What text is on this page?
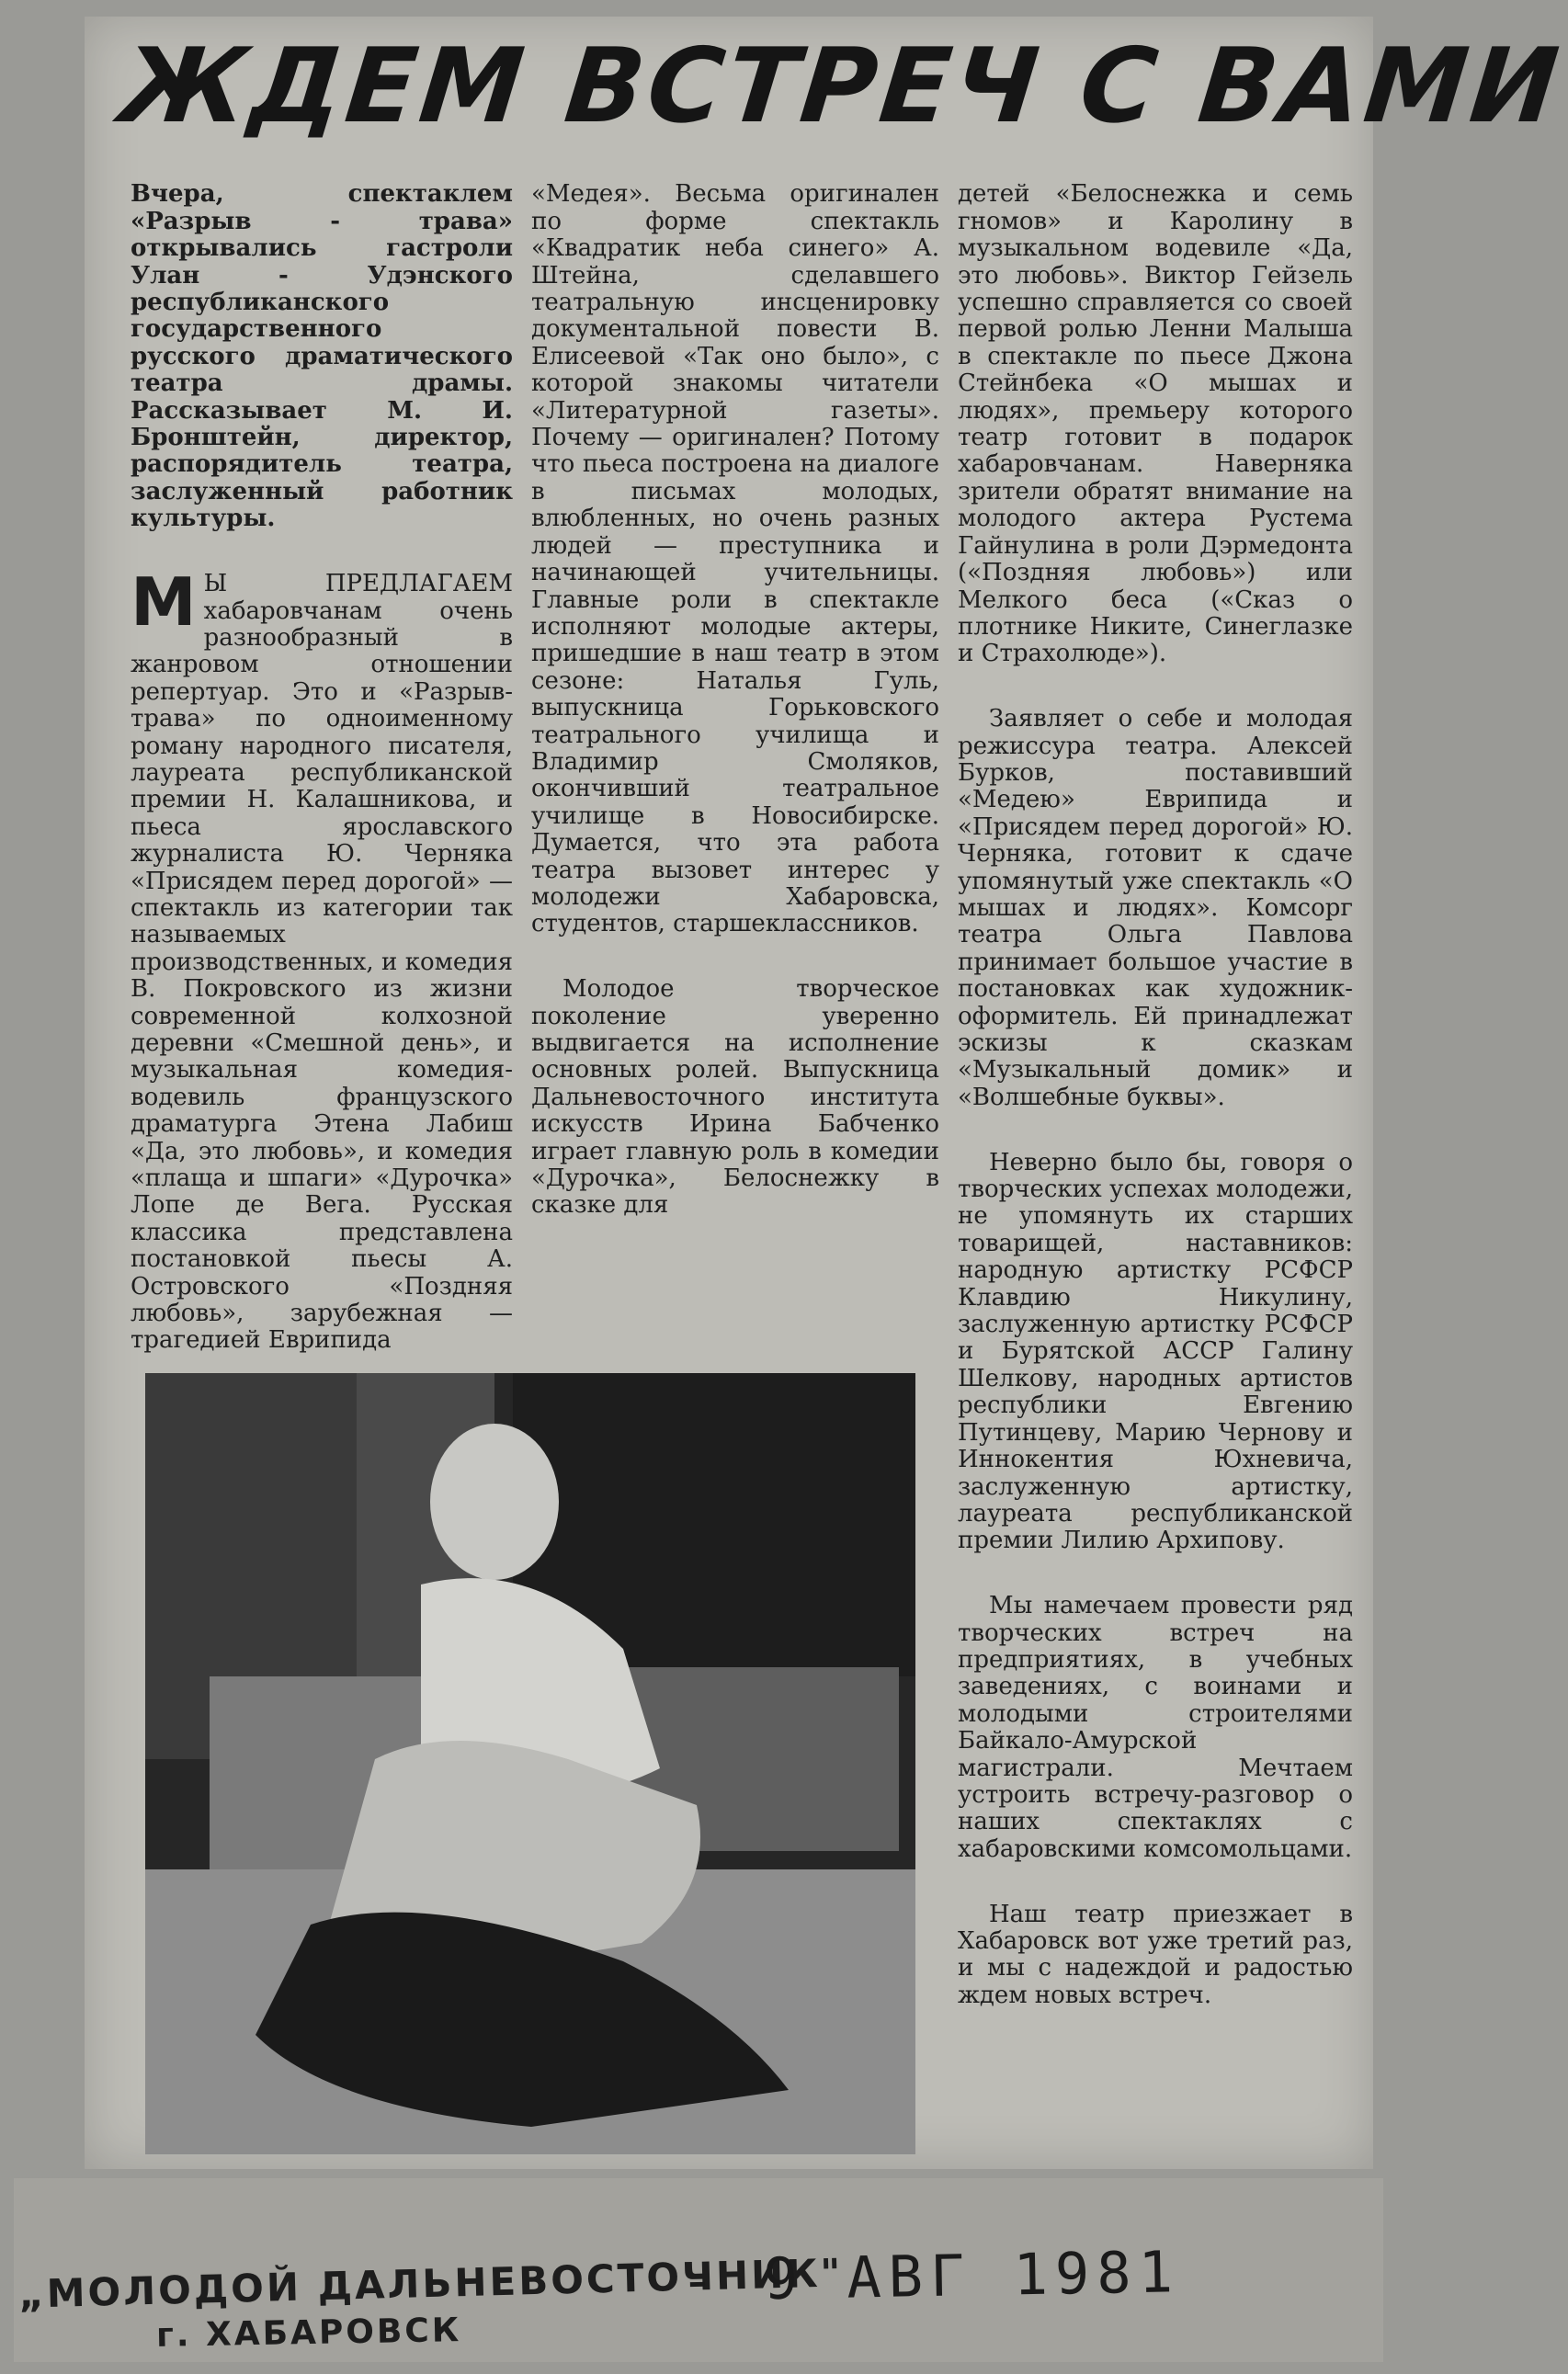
ЖДЕМ ВСТРЕЧ С ВАМИ

Вчера, спектаклем «Разрыв - трава» открывались гастроли Улан - Удэнского республиканского государственного русского драматического театра драмы. Рассказывает М. И. Бронштейн, директор, распорядитель театра, заслуженный работник культуры.

М Ы ПРЕДЛАГАЕМ хабаровчанам очень разнообразный в жанровом отношении репертуар. Это и «Разрыв-трава» по одноименному роману народного писателя, лауреата республиканской премии Н. Калашникова, и пьеса ярославского журналиста Ю. Черняка «Присядем перед дорогой» — спектакль из категории так называемых производственных, и комедия В. Покровского из жизни современной колхозной деревни «Смешной день», и музыкальная комедия-водевиль французского драматурга Этена Лабиш «Да, это любовь», и комедия «плаща и шпаги» «Дурочка» Лопе де Вега. Русская классика представлена постановкой пьесы А. Островского «Поздняя любовь», зарубежная — трагедией Еврипида

«Медея». Весьма оригинален по форме спектакль «Квадратик неба синего» А. Штейна, сделавшего театральную инсценировку документальной повести В. Елисеевой «Так оно было», с которой знакомы читатели «Литературной газеты». Почему — оригинален? Потому что пьеса построена на диалоге в письмах молодых, влюбленных, но очень разных людей — преступника и начинающей учительницы. Главные роли в спектакле исполняют молодые актеры, пришедшие в наш театр в этом сезоне: Наталья Гуль, выпускница Горьковского театрального училища и Владимир Смоляков, окончивший театральное училище в Новосибирске. Думается, что эта работа театра вызовет интерес у молодежи Хабаровска, студентов, старшеклассников.

Молодое творческое поколение уверенно выдвигается на исполнение основных ролей. Выпускница Дальневосточного института искусств Ирина Бабченко играет главную роль в комедии «Дурочка», Белоснежку в сказке для

детей «Белоснежка и семь гномов» и Каролину в музыкальном водевиле «Да, это любовь». Виктор Гейзель успешно справляется со своей первой ролью Ленни Малыша в спектакле по пьесе Джона Стейнбека «О мышах и людях», премьеру которого театр готовит в подарок хабаровчанам. Наверняка зрители обратят внимание на молодого актера Рустема Гайнулина в роли Дэрмедонта («Поздняя любовь») или Мелкого беса («Сказ о плотнике Никите, Синеглазке и Страхолюде»).

Заявляет о себе и молодая режиссура театра. Алексей Бурков, поставивший «Медею» Еврипида и «Присядем перед дорогой» Ю. Черняка, готовит к сдаче упомянутый уже спектакль «О мышах и людях». Комсорг театра Ольга Павлова принимает большое участие в постановках как художник-оформитель. Ей принадлежат эскизы к сказкам «Музыкальный домик» и «Волшебные буквы».

Неверно было бы, говоря о творческих успехах молодежи, не упомянуть их старших товарищей, наставников: народную артистку РСФСР Клавдию Никулину, заслуженную артистку РСФСР и Бурятской АССР Галину Шелкову, народных артистов республики Евгению Путинцеву, Марию Чернову и Иннокентия Юхневича, заслуженную артистку, лауреата республиканской премии Лилию Архипову.

Мы намечаем провести ряд творческих встреч на предприятиях, в учебных заведениях, с воинами и молодыми строителями Байкало-Амурской магистрали. Мечтаем устроить встречу-разговор о наших спектаклях с хабаровскими комсомольцами.

Наш театр приезжает в Хабаровск вот уже третий раз, и мы с надеждой и радостью ждем новых встреч.

„МОЛОДОЙ ДАЛЬНЕВОСТОЧНИК"
г. ХАБАРОВСК
- 9 АВГ 1981
